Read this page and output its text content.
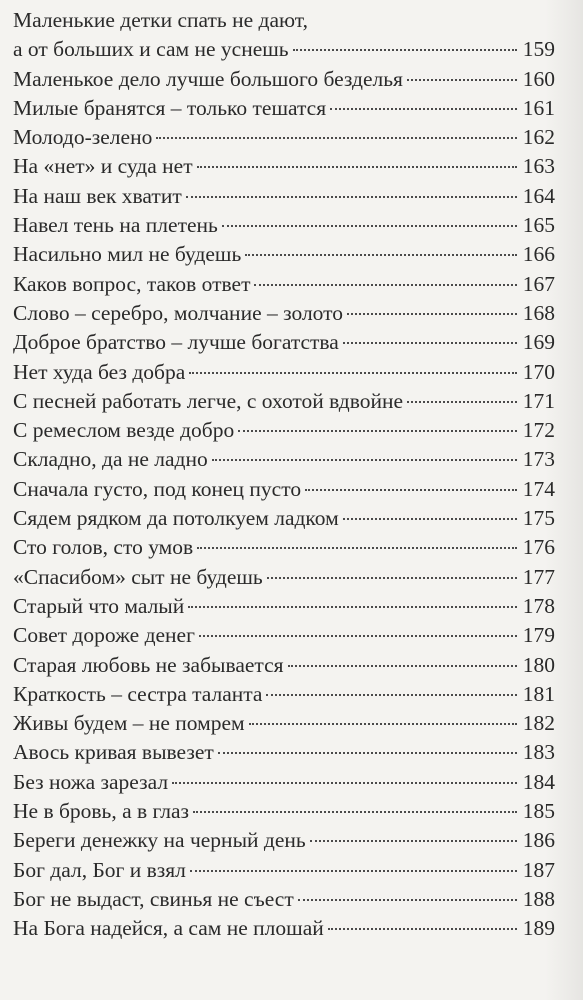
Маленькие детки спать не дают,
а от больших и сам не уснешь	159
Маленькое дело лучше большого безделья	160
Милые бранятся – только тешатся	161
Молодо-зелено	162
На «нет» и суда нет	163
На наш век хватит	164
Навел тень на плетень	165
Насильно мил не будешь	166
Каков вопрос, таков ответ	167
Слово – серебро, молчание – золото	168
Доброе братство – лучше богатства	169
Нет худа без добра	170
С песней работать легче, с охотой вдвойне	171
С ремеслом везде добро	172
Складно, да не ладно	173
Сначала густо, под конец пусто	174
Сядем рядком да потолкуем ладком	175
Сто голов, сто умов	176
«Спасибом» сыт не будешь	177
Старый что малый	178
Совет дороже денег	179
Старая любовь не забывается	180
Краткость – сестра таланта	181
Живы будем – не помрем	182
Авось кривая вывезет	183
Без ножа зарезал	184
Не в бровь, а в глаз	185
Береги денежку на черный день	186
Бог дал, Бог и взял	187
Бог не выдаст, свинья не съест	188
На Бога надейся, а сам не плошай	189
